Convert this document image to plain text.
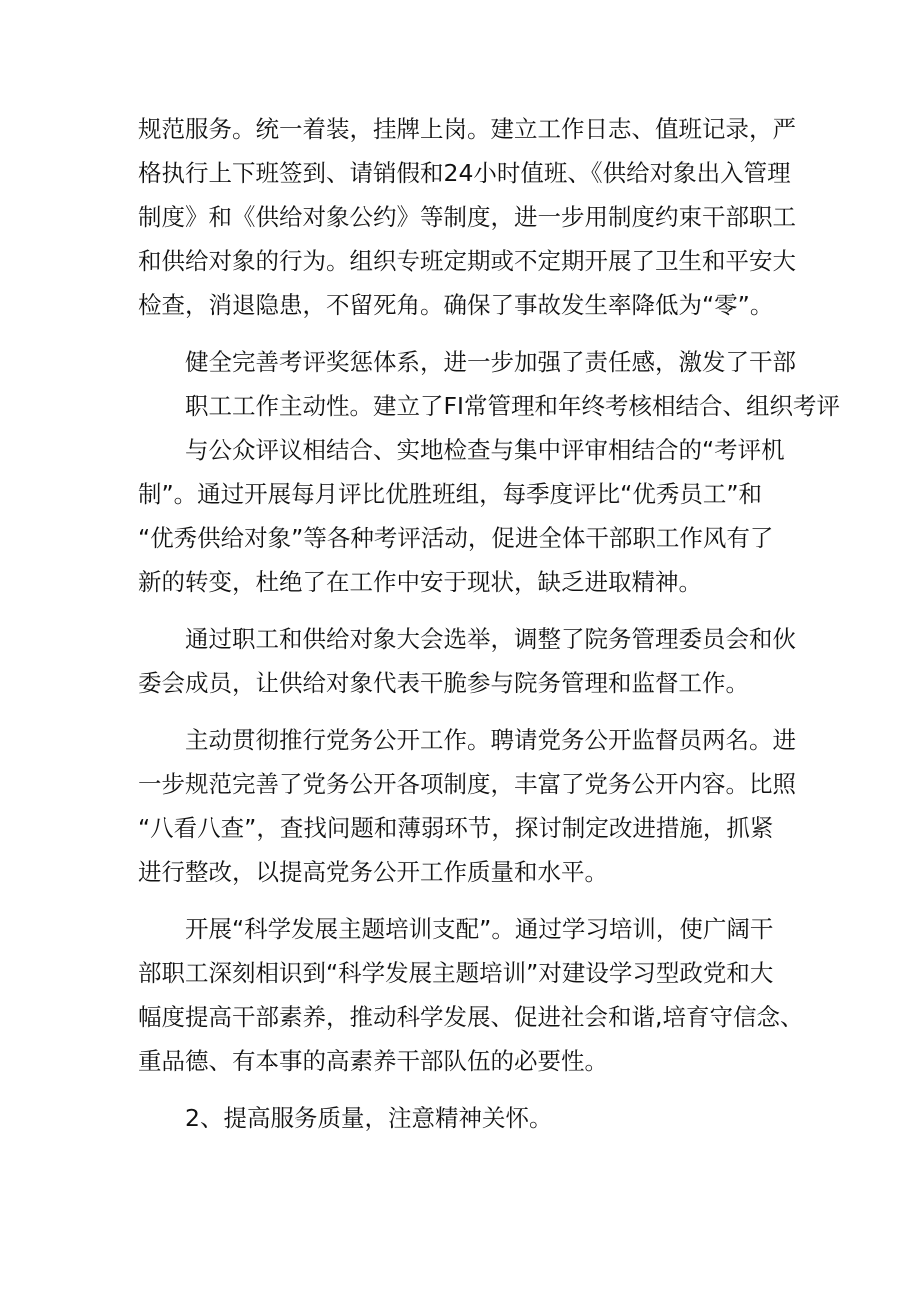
规范服务。统一着装，挂牌上岗。建立工作日志、值班记录，严
格执行上下班签到、请销假和24小时值班、《供给对象出入管理
制度》和《供给对象公约》等制度，进一步用制度约束干部职工
和供给对象的行为。组织专班定期或不定期开展了卫生和平安大
检查，消退隐患，不留死角。确保了事故发生率降低为“零”。

健全完善考评奖惩体系，进一步加强了责任感，激发了干部
职工工作主动性。建立了FI常管理和年终考核相结合、组织考评
与公众评议相结合、实地检查与集中评审相结合的“考评机
制”。通过开展每月评比优胜班组，每季度评比“优秀员工”和
“优秀供给对象”等各种考评活动，促进全体干部职工作风有了
新的转变，杜绝了在工作中安于现状，缺乏进取精神。

通过职工和供给对象大会选举，调整了院务管理委员会和伙
委会成员，让供给对象代表干脆参与院务管理和监督工作。

主动贯彻推行党务公开工作。聘请党务公开监督员两名。进
一步规范完善了党务公开各项制度，丰富了党务公开内容。比照
“八看八查”，査找问题和薄弱环节，探讨制定改进措施，抓紧
进行整改，以提高党务公开工作质量和水平。

开展“科学发展主题培训支配”。通过学习培训，使广阔干
部职工深刻相识到“科学发展主题培训”对建设学习型政党和大
幅度提高干部素养，推动科学发展、促进社会和谐,培育守信念、
重品德、有本事的高素养干部队伍的必要性。

2、提高服务质量，注意精神关怀。
